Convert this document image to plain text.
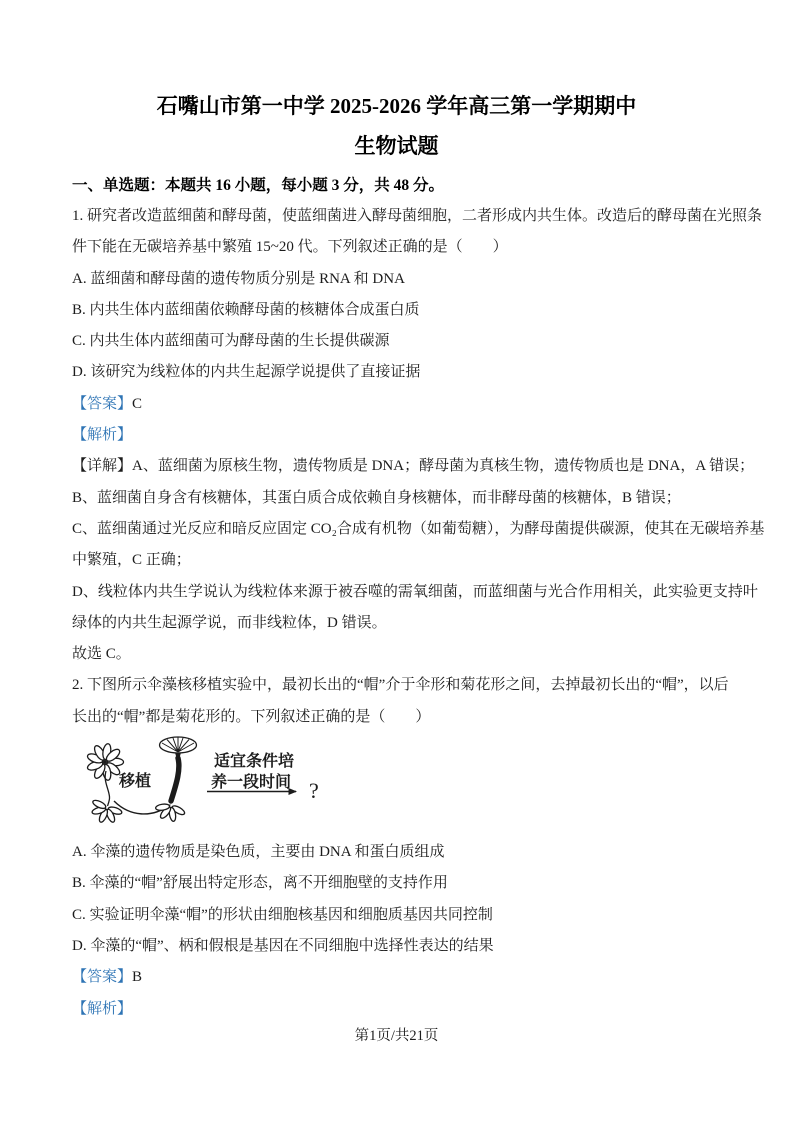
石嘴山市第一中学 2025-2026 学年高三第一学期期中
生物试题
一、单选题：本题共 16 小题，每小题 3 分，共 48 分。
1. 研究者改造蓝细菌和酵母菌，使蓝细菌进入酵母菌细胞，二者形成内共生体。改造后的酵母菌在光照条
件下能在无碳培养基中繁殖 15~20 代。下列叙述正确的是（　　）
A. 蓝细菌和酵母菌的遗传物质分别是 RNA 和 DNA
B. 内共生体内蓝细菌依赖酵母菌的核糖体合成蛋白质
C. 内共生体内蓝细菌可为酵母菌的生长提供碳源
D. 该研究为线粒体的内共生起源学说提供了直接证据
【答案】C
【解析】
【详解】A、蓝细菌为原核生物，遗传物质是 DNA；酵母菌为真核生物，遗传物质也是 DNA，A 错误；
B、蓝细菌自身含有核糖体，其蛋白质合成依赖自身核糖体，而非酵母菌的核糖体，B 错误；
C、蓝细菌通过光反应和暗反应固定 CO₂合成有机物（如葡萄糖），为酵母菌提供碳源，使其在无碳培养基
中繁殖，C 正确；
D、线粒体内共生学说认为线粒体来源于被吞噬的需氧细菌，而蓝细菌与光合作用相关，此实验更支持叶
绿体的内共生起源学说，而非线粒体，D 错误。
故选 C。
2. 下图所示伞藻核移植实验中，最初长出的“帽”介于伞形和菊花形之间，去掉最初长出的“帽”，以后
长出的“帽”都是菊花形的。下列叙述正确的是（　　）
移植
适宜条件培
养一段时间 ?
A. 伞藻的遗传物质是染色质，主要由 DNA 和蛋白质组成
B. 伞藻的“帽”舒展出特定形态，离不开细胞壁的支持作用
C. 实验证明伞藻“帽”的形状由细胞核基因和细胞质基因共同控制
D. 伞藻的“帽”、柄和假根是基因在不同细胞中选择性表达的结果
【答案】B
【解析】
第1页/共21页
